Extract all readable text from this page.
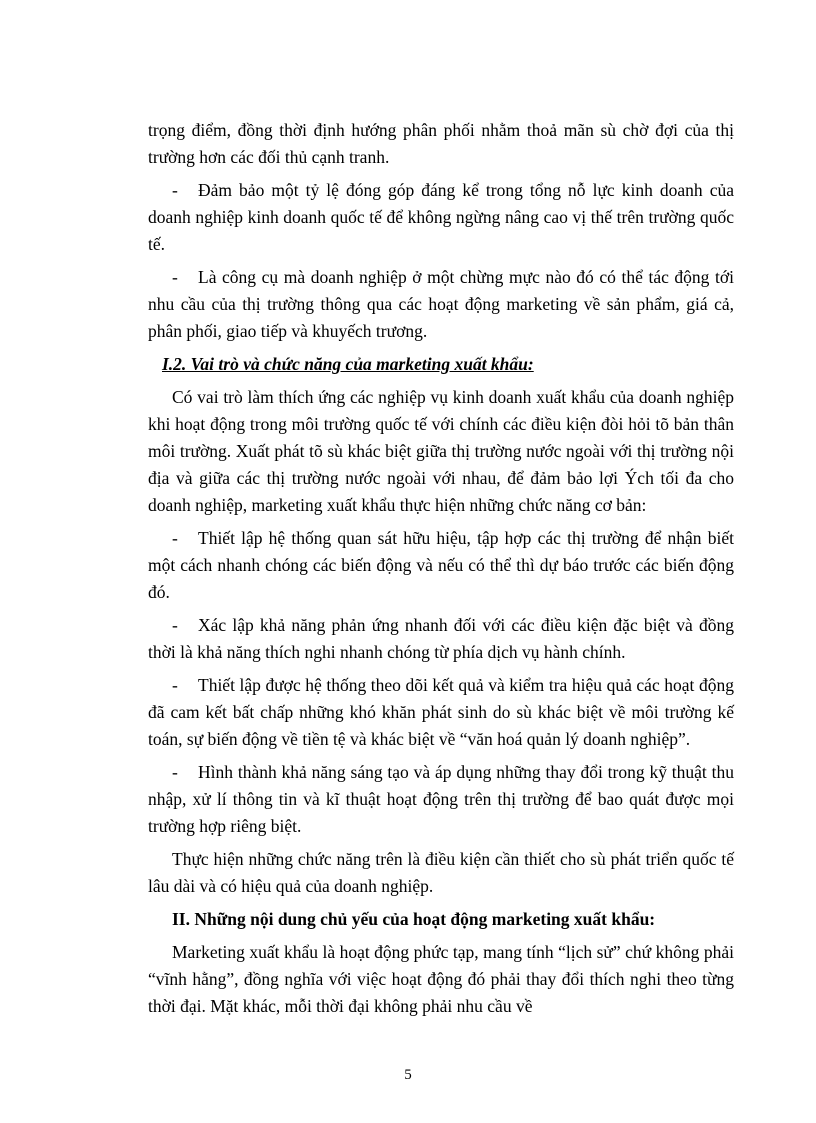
trọng điểm, đồng thời định hướng phân phối nhằm thoả mãn sù chờ đợi của thị trường hơn các đối thủ cạnh tranh.

- Đảm bảo một tỷ lệ đóng góp đáng kể trong tổng nỗ lực kinh doanh của doanh nghiệp kinh doanh quốc tế để không ngừng nâng cao vị thế trên trường quốc tế.

- Là công cụ mà doanh nghiệp ở một chừng mực nào đó có thể tác động tới nhu cầu của thị trường thông qua các hoạt động marketing về sản phẩm, giá cả, phân phối, giao tiếp và khuyếch trương.

I.2. Vai trò và chức năng của marketing xuất khẩu:

Có vai trò làm thích ứng các nghiệp vụ kinh doanh xuất khẩu của doanh nghiệp khi hoạt động trong môi trường quốc tế với chính các điều kiện đòi hỏi tõ bản thân môi trường. Xuất phát tõ sù khác biệt giữa thị trường nước ngoài với thị trường nội địa và giữa các thị trường nước ngoài với nhau, để đảm bảo lợi Ých tối đa cho doanh nghiệp, marketing xuất khẩu thực hiện những chức năng cơ bản:

- Thiết lập hệ thống quan sát hữu hiệu, tập hợp các thị trường để nhận biết một cách nhanh chóng các biến động và nếu có thể thì dự báo trước các biến động đó.

- Xác lập khả năng phản ứng nhanh đối với các điều kiện đặc biệt và đồng thời là khả năng thích nghi nhanh chóng từ phía dịch vụ hành chính.

- Thiết lập được hệ thống theo dõi kết quả và kiểm tra hiệu quả các hoạt động đã cam kết bất chấp những khó khăn phát sinh do sù khác biệt về môi trường kế toán, sự biến động về tiền tệ và khác biệt về “văn hoá quản lý doanh nghiệp”.

- Hình thành khả năng sáng tạo và áp dụng những thay đổi trong kỹ thuật thu nhập, xử lí thông tin và kĩ thuật hoạt động trên thị trường để bao quát được mọi trường hợp riêng biệt.

Thực hiện những chức năng trên là điều kiện cần thiết cho sù phát triển quốc tế lâu dài và có hiệu quả của doanh nghiệp.

II. Những nội dung chủ yếu của hoạt động marketing xuất khẩu:

Marketing xuất khẩu là hoạt động phức tạp, mang tính “lịch sử” chứ không phải “vĩnh hằng”, đồng nghĩa với việc hoạt động đó phải thay đổi thích nghi theo từng thời đại. Mặt khác, mỗi thời đại không phải nhu cầu về

5
